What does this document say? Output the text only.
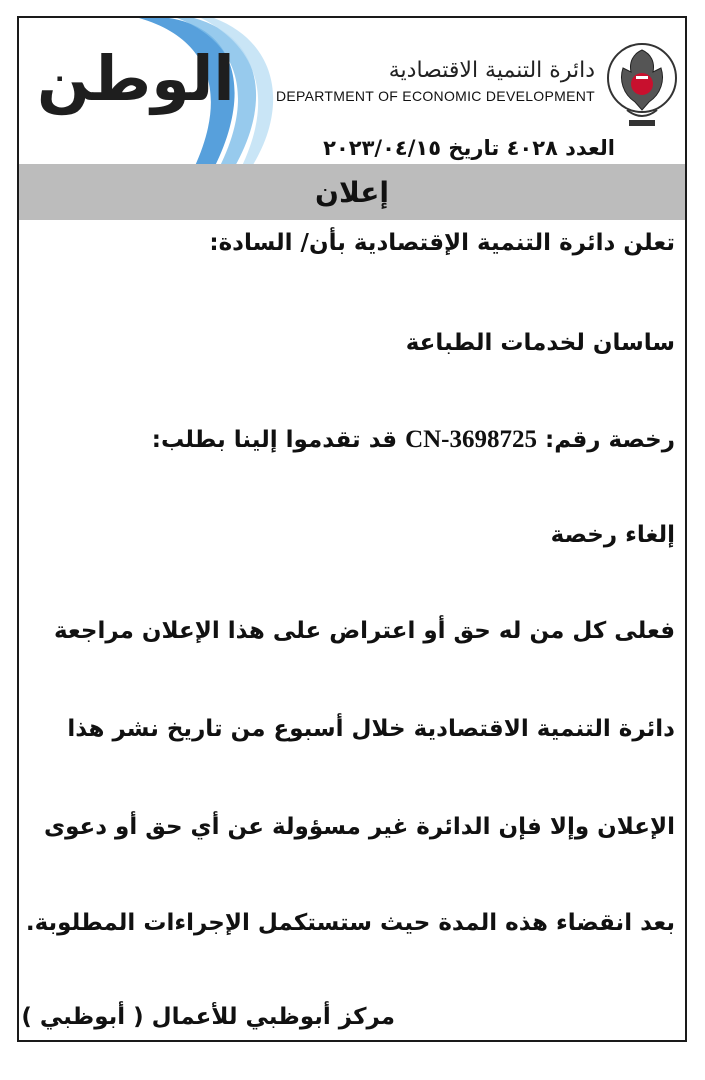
الوطن	دائرة التنمية الاقتصادية
DEPARTMENT OF ECONOMIC DEVELOPMENT
العدد ٤٠٢٨ تاريخ ٢٠٢٣/٠٤/١٥
إعلان
تعلن دائرة التنمية الإقتصادية بأن/ السادة:
ساسان لخدمات الطباعة
رخصة رقم: CN-3698725 قد تقدموا إلينا بطلب:
إلغاء رخصة
فعلى كل من له حق أو اعتراض على هذا الإعلان مراجعة
دائرة التنمية الاقتصادية خلال أسبوع من تاريخ نشر هذا
الإعلان وإلا فإن الدائرة غير مسؤولة عن أي حق أو دعوى
بعد انقضاء هذه المدة حيث ستستكمل الإجراءات المطلوبة.
مركز أبوظبي للأعمال ( أبوظبي )
